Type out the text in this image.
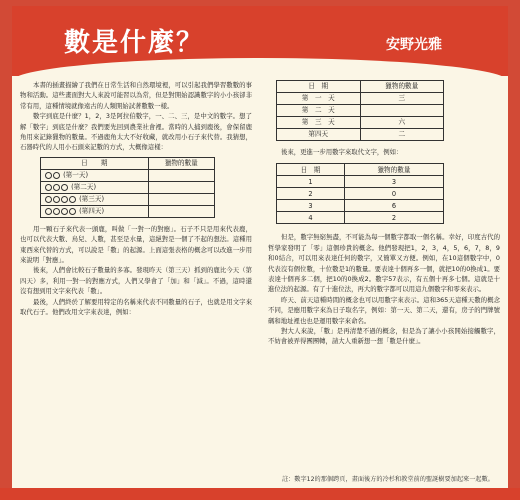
數是什麼？	安野光雅

本書的插畫描繪了我們在日常生活和自然環境裡，可以引起我們學習數數的事物和活動。這些畫面對大人來說可能習以為常，但是對開始認識數字的小小孩卻非常有用，這種情境就像遠古的人類開始試著數數一樣。

數字到底是什麼？1，2，3是阿拉伯數字，一、二、三，是中文的數字。想了解「數字」到底是什麼？我們要先回到農業社會裡。當時的人捕到鹿後，會保留鹿角用來記錄獵物的數量。不過鹿角太大不好收藏，就改用小石子來代替。我猜想，石器時代的人用小石頭來記數的方式，大概像這樣：

日　　期	獵物的數量
(第一天)	
(第二天)	
(第三天)	
(第四天)	

用一顆石子來代表一頭鹿，叫做「一對一的對應」。石子不只是用來代表鹿，也可以代表大數、鳥兒、人數，甚至是水量，這絕對是一個了不起的想法。這種用東西來代替的方式，可以說是「數」的起源。上面這張表格的概念可以改進一步用來說明「對應」。

後來，人們會比較石子數量的多寡。發現昨天（第三天）抓到的鹿比今天（第四天）多，利用一對一的對應方式，人們又學會了「加」和「減」。不過，這時還沒有想到用文字來代表「數」。

最後，人們終於了解要用特定的名稱來代表不同數量的石子，也就是用文字來取代石子。他們改用文字來表達，例如：

日　期	獵物的數量
第　一　天	三
第　二　天	
第　三　天	六
第四天	二

後來，更進一步用數字來取代文字，例如：

日　期	獵物的數量
1	3
2	0
3	6
4	2

但是，數字無窮無盡，不可能為每一個數字都取一個名稱。幸好，印度古代的哲學家發明了「零」這個珍貴的概念。他們發現把1，2，3，4，5，6，7，8，9和0結合，可以用來表達任何的數字，又簡單又方便。例如，在10這個數字中，0代表沒有個位數，十位數是1的數量。要表達十個再多一個，就把10的0換成1。要表達十個再多二個，把10的0換成2。數字57表示，有五個十再多七個。這就是十進位法的起源。有了十進位法，再大的數字都可以用這九個數字和零來表示。

昨天、前天這種時間的概念也可以用數字來表示。這和365天這種天數的概念不同，是應用數字來為日子取名字，例如：第一天、第二天，還有，房子的門牌號碼和地址裡也也是運用數字來命名。

對大人來說，「數」是再清楚不過的概念，但是為了讓小小孩開始接觸數字，不妨會被弄得團團轉，請大人重新想一想「數是什麼」。

註：數字12的那個跨頁，畫面後方的冷杉和教堂前的聖誕樹要加起來一起數。
